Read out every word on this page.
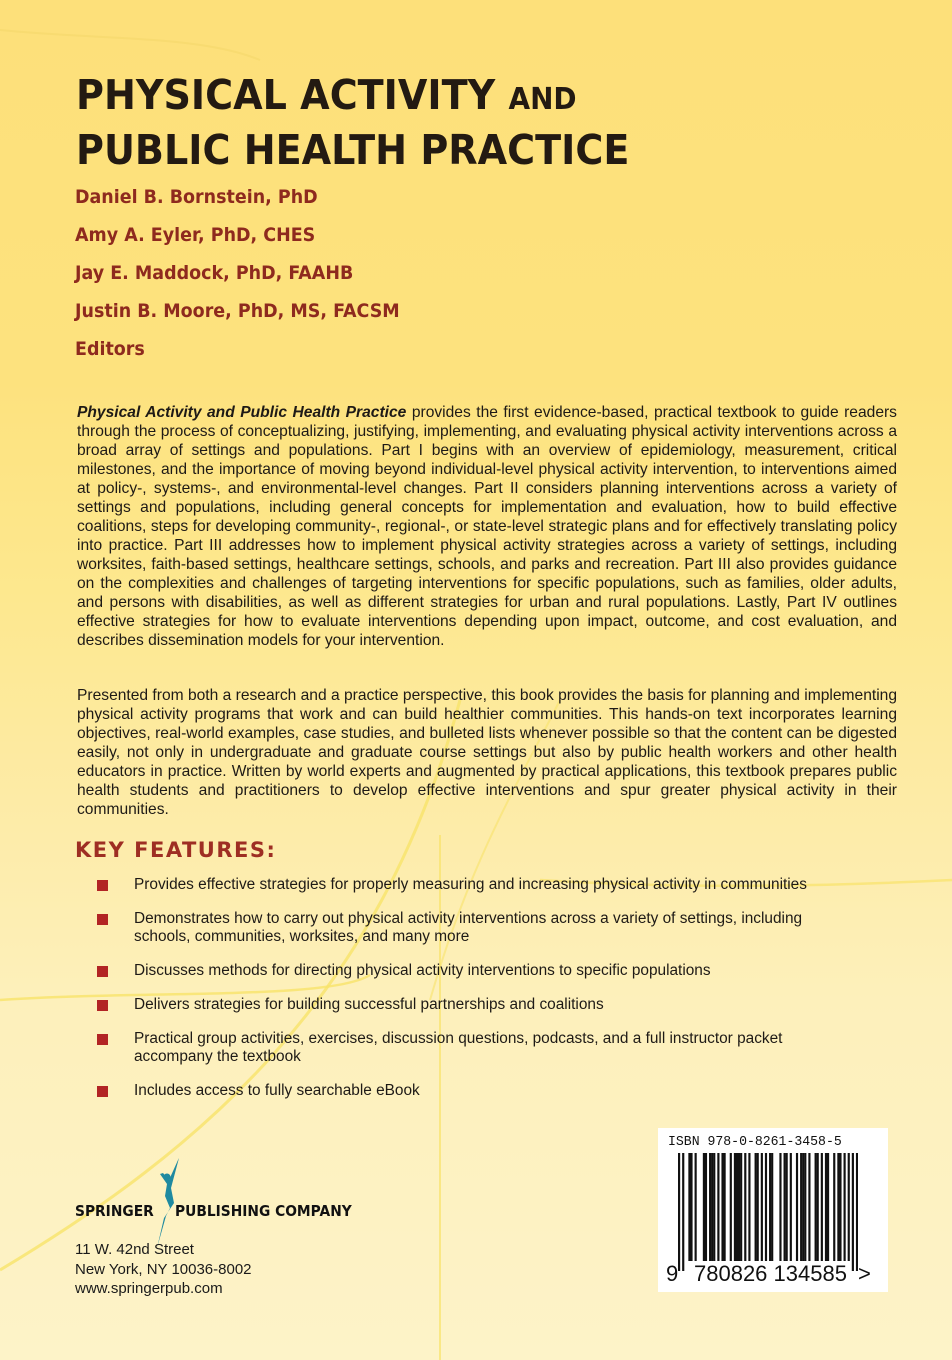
PHYSICAL ACTIVITY AND
PUBLIC HEALTH PRACTICE
Daniel B. Bornstein, PhD
Amy A. Eyler, PhD, CHES
Jay E. Maddock, PhD, FAAHB
Justin B. Moore, PhD, MS, FACSM
Editors

Physical Activity and Public Health Practice provides the first evidence-based, practical textbook to guide readers through the process of conceptualizing, justifying, implementing, and evaluating physical activity interventions across a broad array of settings and populations. Part I begins with an overview of epidemiology, measurement, critical milestones, and the importance of moving beyond individual-level physical activity intervention, to interventions aimed at policy-, systems-, and environmental-level changes. Part II considers planning interventions across a variety of settings and populations, including general concepts for implementation and evaluation, how to build effective coalitions, steps for developing community-, regional-, or state-level strategic plans and for effectively translating policy into practice. Part III addresses how to implement physical activity strategies across a variety of settings, including worksites, faith-based settings, healthcare settings, schools, and parks and recreation. Part III also provides guidance on the complexities and challenges of targeting interventions for specific populations, such as families, older adults, and persons with disabilities, as well as different strategies for urban and rural populations. Lastly, Part IV outlines effective strategies for how to evaluate interventions depending upon impact, outcome, and cost evaluation, and describes dissemination models for your intervention.

Presented from both a research and a practice perspective, this book provides the basis for planning and implementing physical activity programs that work and can build healthier communities. This hands-on text incorporates learning objectives, real-world examples, case studies, and bulleted lists whenever possible so that the content can be digested easily, not only in undergraduate and graduate course settings but also by public health workers and other health educators in practice. Written by world experts and augmented by practical applications, this textbook prepares public health students and practitioners to develop effective interventions and spur greater physical activity in their communities.

KEY FEATURES:
Provides effective strategies for properly measuring and increasing physical activity in communities
Demonstrates how to carry out physical activity interventions across a variety of settings, including schools, communities, worksites, and many more
Discusses methods for directing physical activity interventions to specific populations
Delivers strategies for building successful partnerships and coalitions
Practical group activities, exercises, discussion questions, podcasts, and a full instructor packet accompany the textbook
Includes access to fully searchable eBook
SPRINGER PUBLISHING COMPANY
11 W. 42nd Street
New York, NY 10036-8002
www.springerpub.com
ISBN 978-0-8261-3458-5
9 780826 134585 >
